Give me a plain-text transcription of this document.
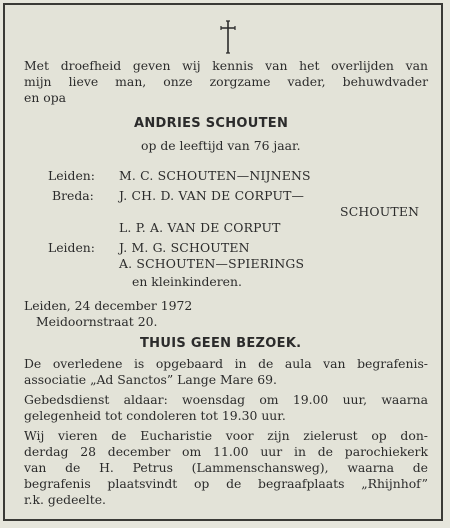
Met droefheid geven wij kennis van het overlijden van
mijn lieve man, onze zorgzame vader, behuwdvader
en opa
ANDRIES SCHOUTEN
op de leeftijd van 76 jaar.
Leiden: M. C. SCHOUTEN—NIJNENS
Breda: J. CH. D. VAN DE CORPUT—
SCHOUTEN
L. P. A. VAN DE CORPUT
Leiden: J. M. G. SCHOUTEN
A. SCHOUTEN—SPIERINGS
en kleinkinderen.
Leiden, 24 december 1972
Meidoornstraat 20.
THUIS GEEN BEZOEK.
De overledene is opgebaard in de aula van begrafenis-
associatie „Ad Sanctos” Lange Mare 69.
Gebedsdienst aldaar: woensdag om 19.00 uur, waarna
gelegenheid tot condoleren tot 19.30 uur.
Wij vieren de Eucharistie voor zijn zielerust op don-
derdag 28 december om 11.00 uur in de parochiekerk
van de H. Petrus (Lammenschansweg), waarna de
begrafenis plaatsvindt op de begraafplaats „Rhijnhof”
r.k. gedeelte.
